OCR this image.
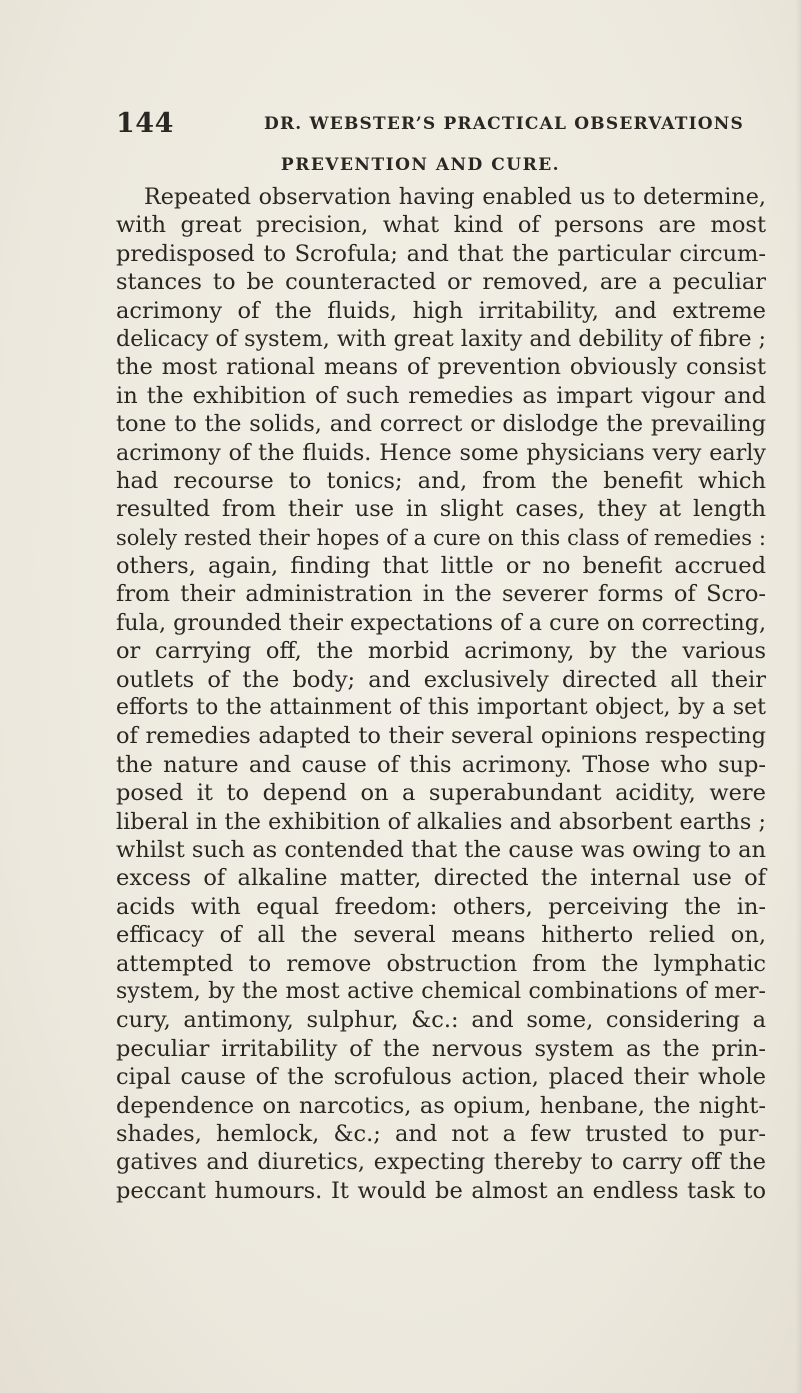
144	DR. WEBSTER’S PRACTICAL OBSERVATIONS
PREVENTION AND CURE.
Repeated observation having enabled us to determine,
with great precision, what kind of persons are most
predisposed to Scrofula; and that the particular circum-
stances to be counteracted or removed, are a peculiar
acrimony of the fluids, high irritability, and extreme
delicacy of system, with great laxity and debility of fibre ;
the most rational means of prevention obviously consist
in the exhibition of such remedies as impart vigour and
tone to the solids, and correct or dislodge the prevailing
acrimony of the fluids. Hence some physicians very early
had recourse to tonics; and, from the benefit which
resulted from their use in slight cases, they at length
solely rested their hopes of a cure on this class of remedies :
others, again, finding that little or no benefit accrued
from their administration in the severer forms of Scro-
fula, grounded their expectations of a cure on correcting,
or carrying off, the morbid acrimony, by the various
outlets of the body; and exclusively directed all their
efforts to the attainment of this important object, by a set
of remedies adapted to their several opinions respecting
the nature and cause of this acrimony. Those who sup-
posed it to depend on a superabundant acidity, were
liberal in the exhibition of alkalies and absorbent earths ;
whilst such as contended that the cause was owing to an
excess of alkaline matter, directed the internal use of
acids with equal freedom: others, perceiving the in-
efficacy of all the several means hitherto relied on,
attempted to remove obstruction from the lymphatic
system, by the most active chemical combinations of mer-
cury, antimony, sulphur, &c.: and some, considering a
peculiar irritability of the nervous system as the prin-
cipal cause of the scrofulous action, placed their whole
dependence on narcotics, as opium, henbane, the night-
shades, hemlock, &c.; and not a few trusted to pur-
gatives and diuretics, expecting thereby to carry off the
peccant humours. It would be almost an endless task to
